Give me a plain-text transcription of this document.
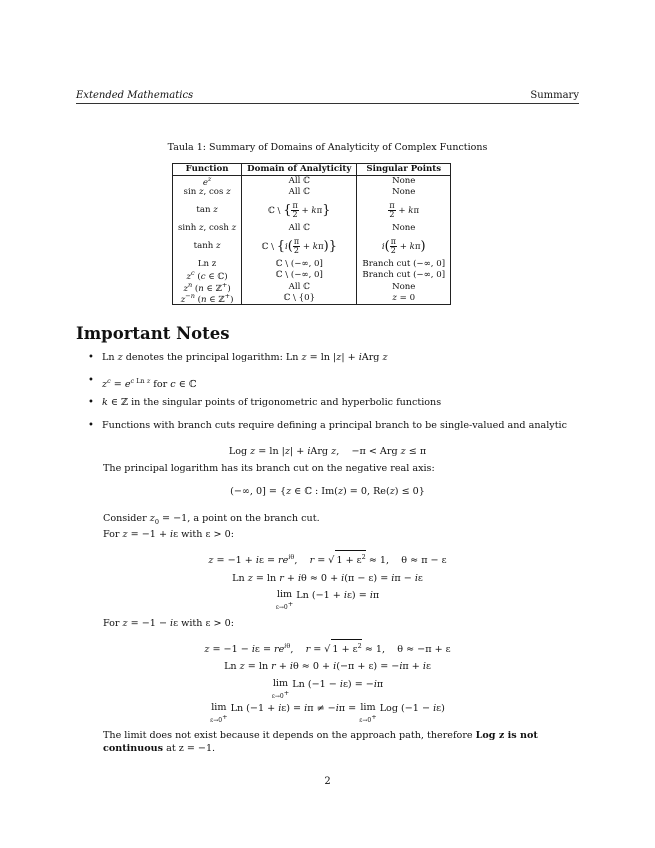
Extended Mathematics	Summary
Taula 1: Summary of Domains of Analyticity of Complex Functions
Function	Domain of Analyticity	Singular Points
$e^z$	All ℂ	None
sin z, cos z	All ℂ	None
tan z	ℂ \ { $\frac{\pi}{2} + k\pi$}	$\frac{\pi}{2} + k\pi$
sinh z, cosh z	All ℂ	None
tanh z	ℂ \ $\{i( \frac{\pi}{2} + k\pi)\}$	$i( \frac{\pi}{2} + k\pi)$
Ln z	ℂ \ (−∞, 0]	Branch cut (−∞, 0]
$z^c$ (c ∈ ℂ)	ℂ \ (−∞, 0]	Branch cut (−∞, 0]
$z^n$ (n ∈ ℤ+)	All ℂ	None
$z^{-n}$ (n ∈ ℤ+)	ℂ \ {0}	z = 0
Important Notes
• Ln z denotes the principal logarithm: Ln z = ln |z| + iArg z
• $z^c = e^{c Ln z}$ for c ∈ ℂ
• k ∈ ℤ in the singular points of trigonometric and hyperbolic functions
• Functions with branch cuts require defining a principal branch to be single-valued and analytic
Log z = ln |z| + iArg z,    −π < Arg z ≤ π
The principal logarithm has its branch cut on the negative real axis:
(−∞, 0] = {z ∈ ℂ : Im(z) = 0, Re(z) ≤ 0}
Consider $z_0 = -1$, a point on the branch cut.
For z = −1 + iε with ε > 0:
$z = -1 + i\varepsilon = re^{i\theta}$,    r = √ $1 + \varepsilon^2 \approx 1$,    θ ≈ π − ε
Ln z = ln r + iθ ≈ 0 + i(π − ε) = iπ − iε
lim
ε→0+
Ln (−1 + iε) = iπ
For z = −1 − iε with ε > 0:
$z = -1 - i\varepsilon = re^{i\theta}$,    r = √ $1 + \varepsilon^2 \approx 1$,    θ ≈ −π + ε
Ln z = ln r + iθ ≈ 0 + i(−π + ε) = −iπ + iε
lim
ε→0+
Ln (−1 − iε) = −iπ
lim
ε→0+
Ln (−1 + iε) = iπ ≠ −iπ = lim
ε→0+
Log (−1 − iε)
The limit does not exist because it depends on the approach path, therefore Log z is not continuous at z = −1.
2
